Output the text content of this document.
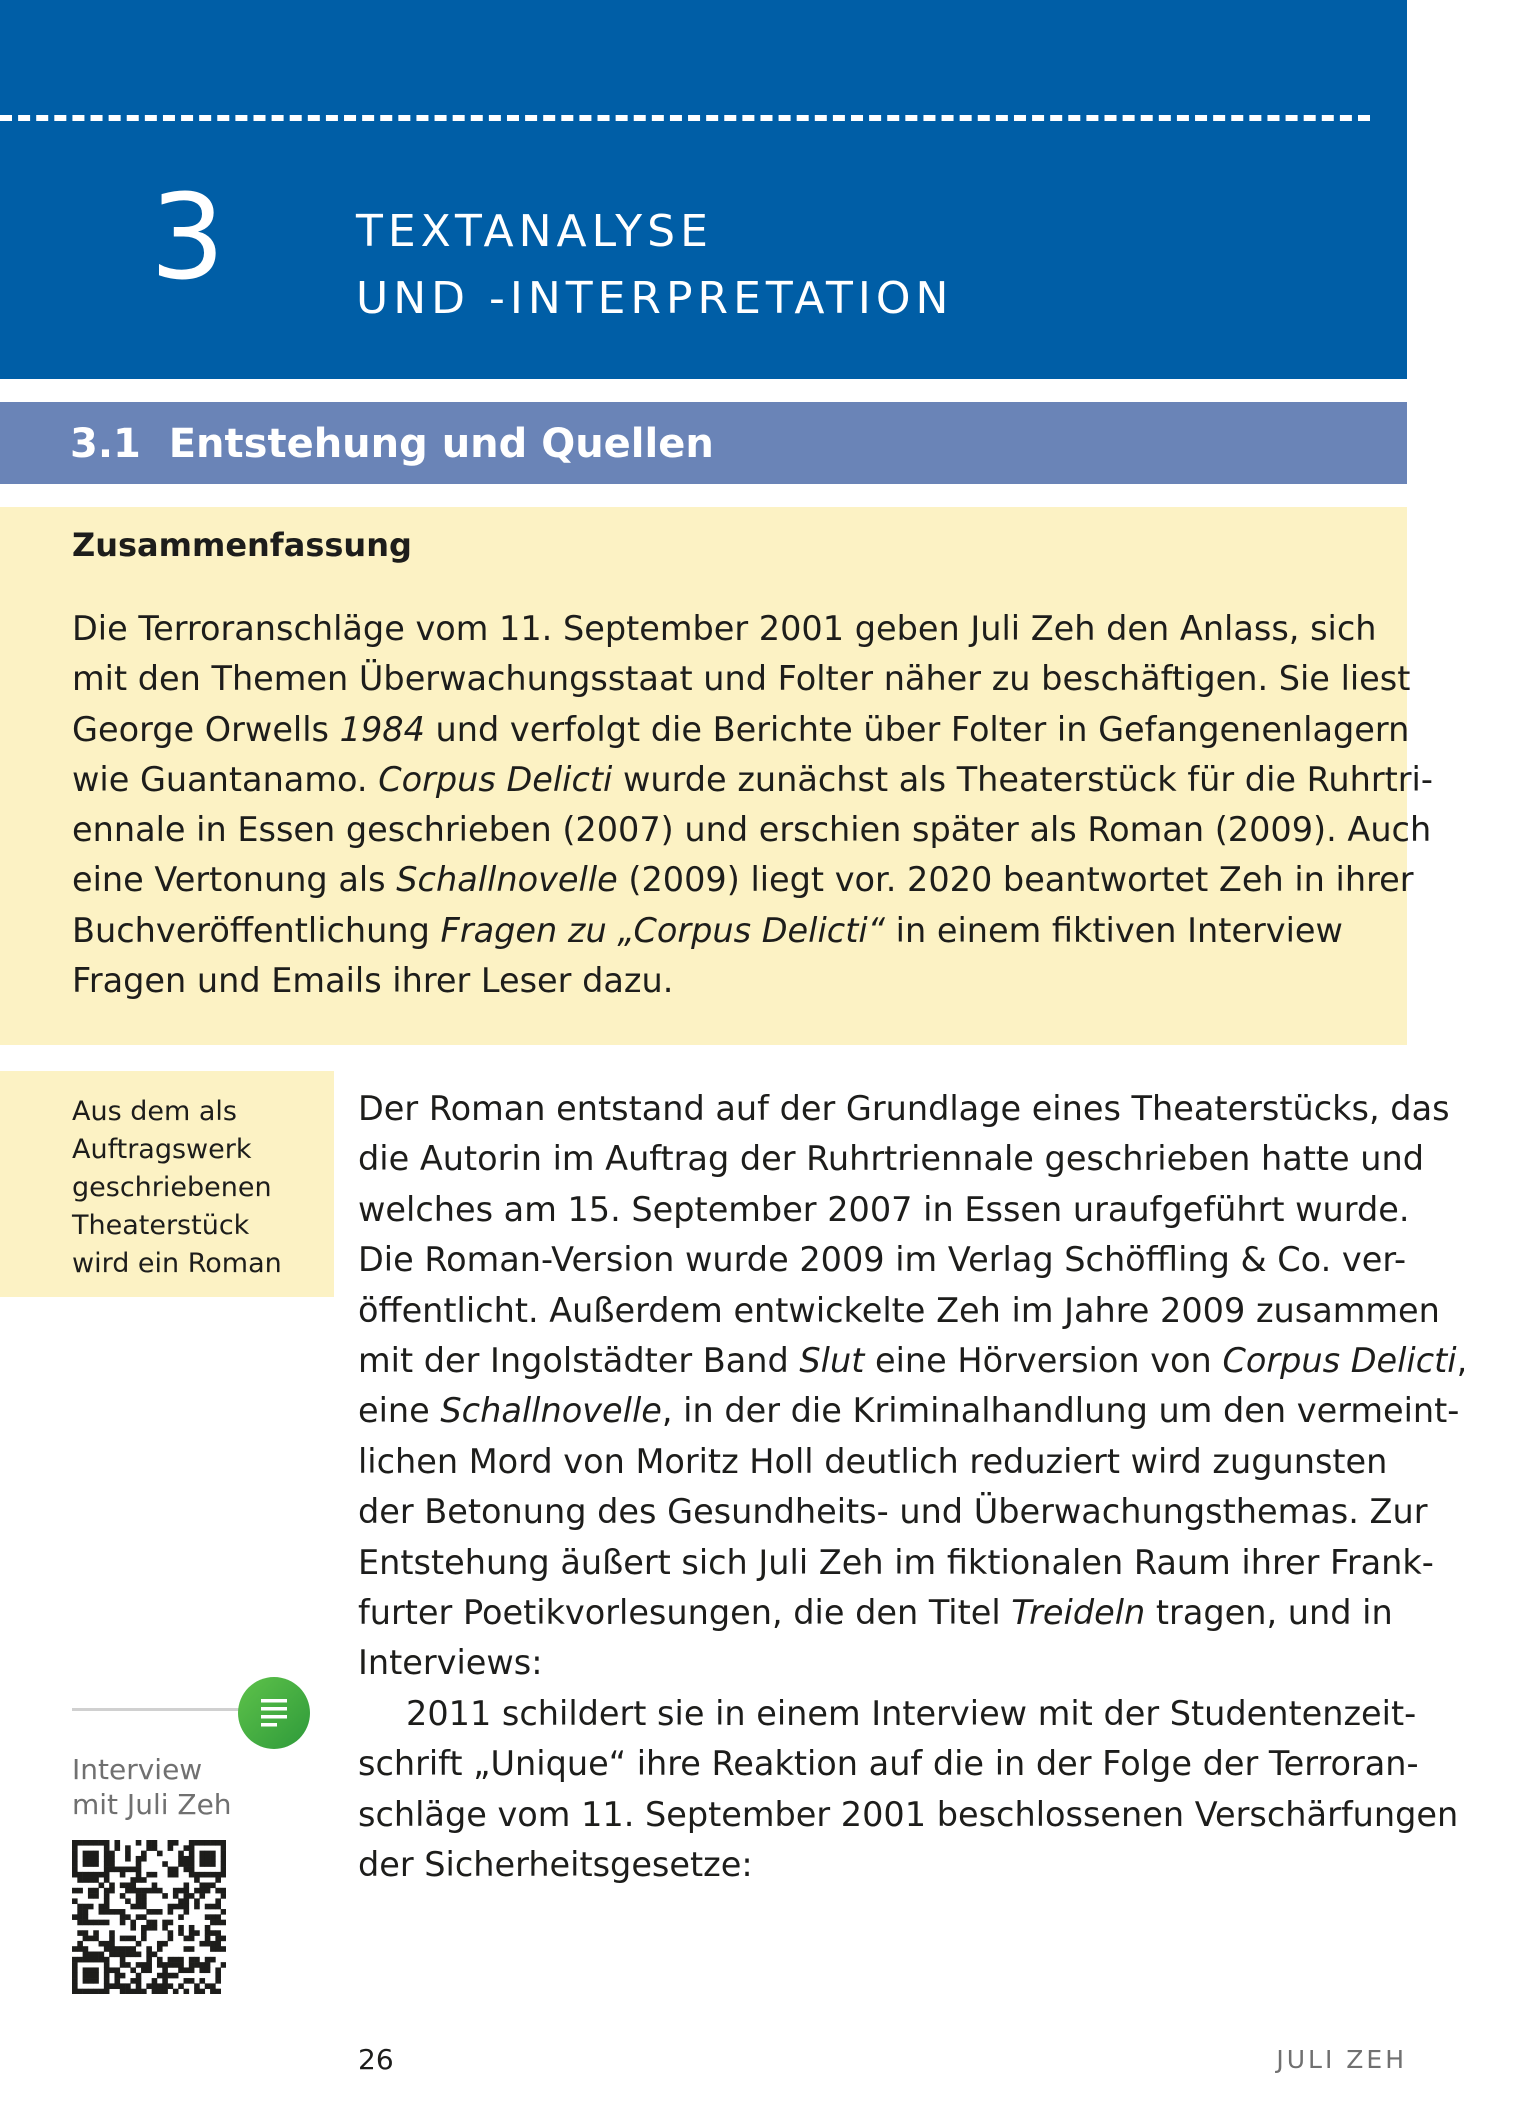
3	TEXTANALYSE
UND -INTERPRETATION
3.1 Entstehung und Quellen
Zusammenfassung
Die Terroranschläge vom 11. September 2001 geben Juli Zeh den Anlass, sich
mit den Themen Überwachungsstaat und Folter näher zu beschäftigen. Sie liest
George Orwells 1984 und verfolgt die Berichte über Folter in Gefangenenlagern
wie Guantanamo. Corpus Delicti wurde zunächst als Theaterstück für die Ruhrtri-
ennale in Essen geschrieben (2007) und erschien später als Roman (2009). Auch
eine Vertonung als Schallnovelle (2009) liegt vor. 2020 beantwortet Zeh in ihrer
Buchveröffentlichung Fragen zu „Corpus Delicti“ in einem fiktiven Interview
Fragen und Emails ihrer Leser dazu.
Aus dem als
Auftragswerk
geschriebenen
Theaterstück
wird ein Roman
Der Roman entstand auf der Grundlage eines Theaterstücks, das
die Autorin im Auftrag der Ruhrtriennale geschrieben hatte und
welches am 15. September 2007 in Essen uraufgeführt wurde.
Die Roman-Version wurde 2009 im Verlag Schöffling & Co. ver-
öffentlicht. Außerdem entwickelte Zeh im Jahre 2009 zusammen
mit der Ingolstädter Band Slut eine Hörversion von Corpus Delicti,
eine Schallnovelle, in der die Kriminalhandlung um den vermeint-
lichen Mord von Moritz Holl deutlich reduziert wird zugunsten
der Betonung des Gesundheits- und Überwachungsthemas. Zur
Entstehung äußert sich Juli Zeh im fiktionalen Raum ihrer Frank-
furter Poetikvorlesungen, die den Titel Treideln tragen, und in
Interviews:
2011 schildert sie in einem Interview mit der Studentenzeit-
schrift „Unique“ ihre Reaktion auf die in der Folge der Terroran-
schläge vom 11. September 2001 beschlossenen Verschärfungen
der Sicherheitsgesetze:
Interview
mit Juli Zeh
26	JULI ZEH
